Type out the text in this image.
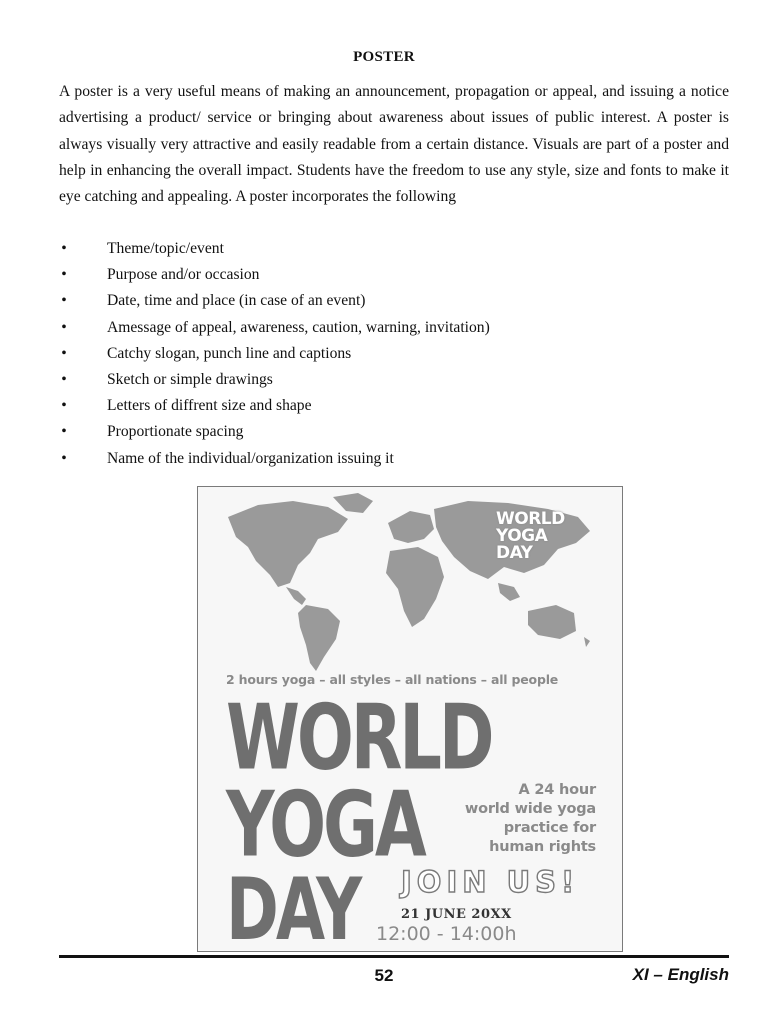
POSTER

A poster is a very useful means of making an announcement, propagation or appeal, and issuing a notice advertising a product/ service or bringing about awareness about issues of public interest. A poster is always visually very attractive and easily readable from a certain distance. Visuals are part of a poster and help in enhancing the overall impact. Students have the freedom to use any style, size and fonts to make it eye catching and appealing. A poster incorporates the following

•	Theme/topic/event
•	Purpose and/or occasion
•	Date, time and place (in case of an event)
•	Amessage of appeal, awareness, caution, warning, invitation)
•	Catchy slogan, punch line and captions
•	Sketch or simple drawings
•	Letters of diffrent size and shape
•	Proportionate spacing
•	Name of the individual/organization issuing it
WORLD
YOGA
DAY
2 hours yoga – all styles – all nations – all people
WORLD
YOGA
DAY
A 24 hour
world wide yoga
practice for
human rights
JOIN US!
21 JUNE 20XX
12:00 - 14:00h
52	XI – English
